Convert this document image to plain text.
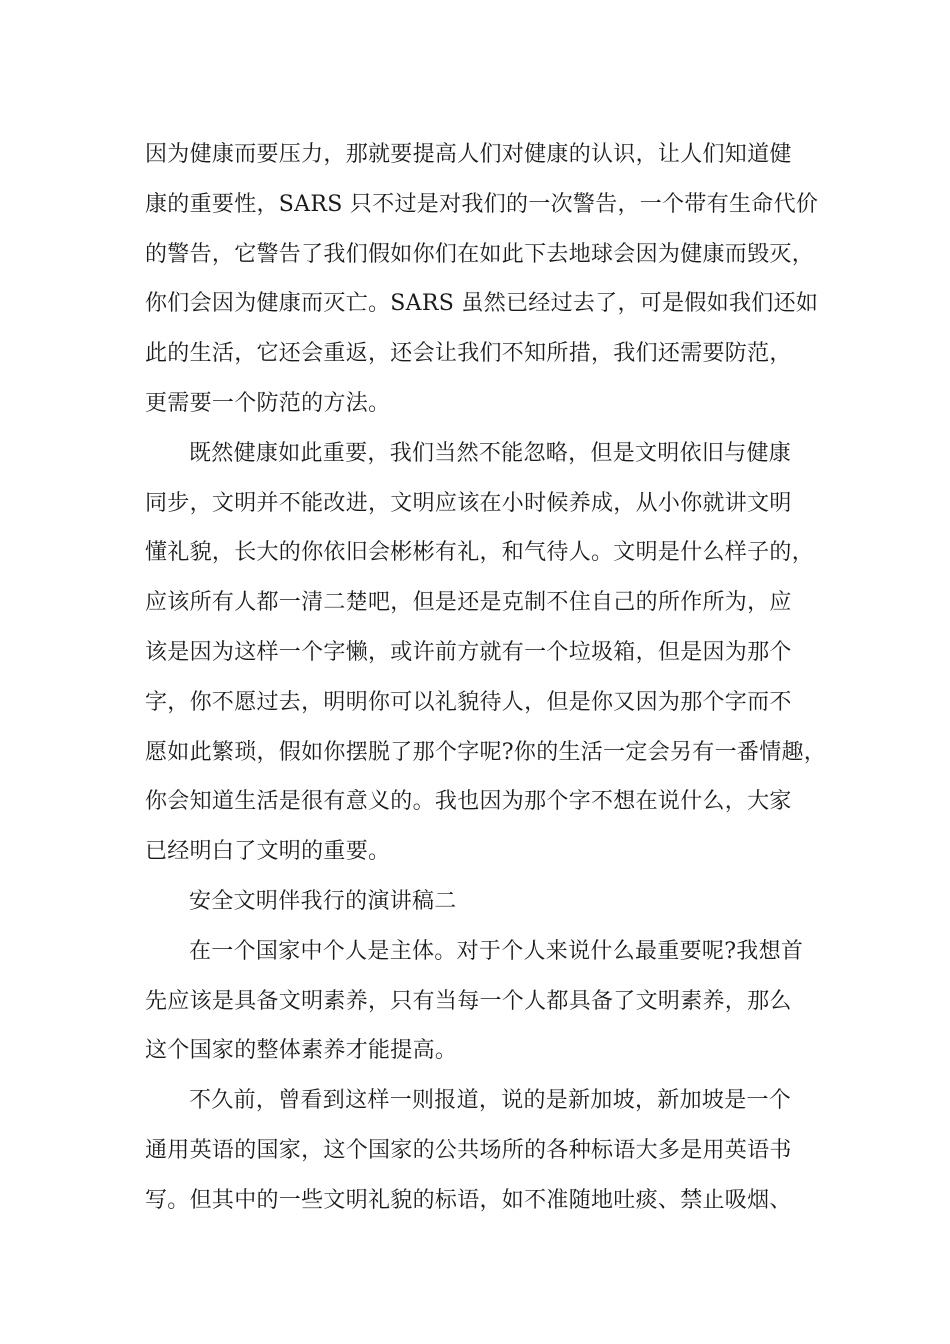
因为健康而要压力，那就要提高人们对健康的认识，让人们知道健
康的重要性，SARS 只不过是对我们的一次警告，一个带有生命代价
的警告，它警告了我们假如你们在如此下去地球会因为健康而毁灭，
你们会因为健康而灭亡。SARS 虽然已经过去了，可是假如我们还如
此的生活，它还会重返，还会让我们不知所措，我们还需要防范，
更需要一个防范的方法。
既然健康如此重要，我们当然不能忽略，但是文明依旧与健康
同步，文明并不能改进，文明应该在小时候养成，从小你就讲文明
懂礼貌，长大的你依旧会彬彬有礼，和气待人。文明是什么样子的，
应该所有人都一清二楚吧，但是还是克制不住自己的所作所为，应
该是因为这样一个字懒，或许前方就有一个垃圾箱，但是因为那个
字，你不愿过去，明明你可以礼貌待人，但是你又因为那个字而不
愿如此繁琐，假如你摆脱了那个字呢?你的生活一定会另有一番情趣，
你会知道生活是很有意义的。我也因为那个字不想在说什么，大家
已经明白了文明的重要。
安全文明伴我行的演讲稿二
在一个国家中个人是主体。对于个人来说什么最重要呢?我想首
先应该是具备文明素养，只有当每一个人都具备了文明素养，那么
这个国家的整体素养才能提高。
不久前，曾看到这样一则报道，说的是新加坡，新加坡是一个
通用英语的国家，这个国家的公共场所的各种标语大多是用英语书
写。但其中的一些文明礼貌的标语，如不准随地吐痰、禁止吸烟、
